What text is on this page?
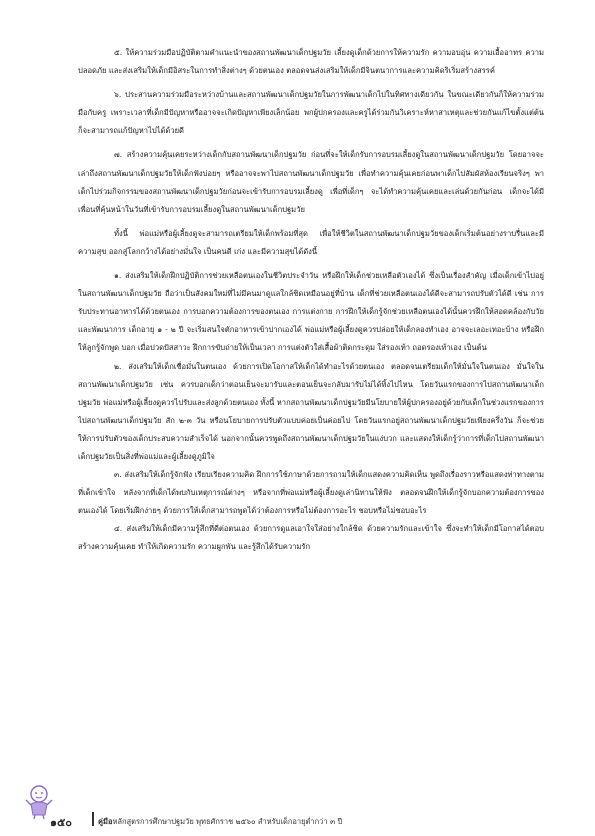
๕. ให้ความร่วมมือปฏิบัติตามคำแนะนำของสถานพัฒนาเด็กปฐมวัย เลี้ยงดูเด็กด้วยการให้ความรัก ความอบอุ่น ความเอื้ออาทร ความปลอดภัย และส่งเสริมให้เด็กมีอิสระในการทำสิ่งต่างๆ ด้วยตนเอง ตลอดจนส่งเสริมให้เด็กมีจินตนาการและความคิดริเริ่มสร้างสรรค์

๖. ประสานความร่วมมือระหว่างบ้านและสถานพัฒนาเด็กปฐมวัยในการพัฒนาเด็กไปในทิศทางเดียวกัน ในขณะเดียวกันก็ให้ความร่วมมือกับครู เพราะเวลาที่เด็กมีปัญหาหรืออาจจะเกิดปัญหาเพียงเล็กน้อย พกผู้ปกครองและครูได้ร่วมกันวิเคราะห์หาสาเหตุและช่วยกันแก้ไขตั้งแต่ต้น ก็จะสามารถแก้ปัญหาไปได้ด้วยดี

๗. สร้างความคุ้นเคยระหว่างเด็กกับสถานพัฒนาเด็กปฐมวัย ก่อนที่จะให้เด็กรับการอบรมเลี้ยงดูในสถานพัฒนาเด็กปฐมวัย โดยอาจจะเล่าถึงสถานพัฒนาเด็กปฐมวัยให้เด็กฟังบ่อยๆ หรืออาจจะพาไปสถานพัฒนาเด็กปฐมวัย เพื่อทำความคุ้นเคยก่อนพาเด็กไปสัมผัสห้องเรียนจริงๆ พาเด็กไปร่วมกิจกรรมของสถานพัฒนาเด็กปฐมวัยก่อนจะเข้ารับการอบรมเลี้ยงดู เพื่อที่เด็กๆ จะได้ทำความคุ้นเคยและเล่นด้วยกันก่อน เด็กจะได้มีเพื่อนที่คุ้นหน้าในวันที่เข้ารับการอบรมเลี้ยงดูในสถานพัฒนาเด็กปฐมวัย

ทั้งนี้ พ่อแม่หรือผู้เลี้ยงดูจะสามารถเตรียมให้เด็กพร้อมที่สุด เพื่อให้ชีวิตในสถานพัฒนาเด็กปฐมวัยของเด็กเริ่มต้นอย่างราบรื่นและมีความสุข ออกสู่โลกกว้างได้อย่างมั่นใจ เป็นคนดี เก่ง และมีความสุขได้ดังนี้

๑. ส่งเสริมให้เด็กฝึกปฏิบัติการช่วยเหลือตนเองในชีวิตประจำวัน หรือฝึกให้เด็กช่วยเหลือตัวเองได้ ซึ่งเป็นเรื่องสำคัญ เมื่อเด็กเข้าไปอยู่ในสถานพัฒนาเด็กปฐมวัย ถือว่าเป็นสังคมใหม่ที่ไม่มีคนมาดูแลใกล้ชิดเหมือนอยู่ที่บ้าน เด็กที่ช่วยเหลือตนเองได้ดีจะสามารถปรับตัวได้ดี เช่น การรับประทานอาหารได้ด้วยตนเอง การบอกความต้องการของตนเอง การแต่งกาย การฝึกให้เด็กรู้จักช่วยเหลือตนเองได้นั้นควรฝึกให้สอดคล้องกับวัยและพัฒนาการ เด็กอายุ ๑ - ๒ ปี จะเริ่มสนใจตักอาหารเข้าปากเองได้ พ่อแม่หรือผู้เลี้ยงดูควรปล่อยให้เด็กลองทำเอง อาจจะเลอะเทอะบ้าง หรือฝึกให้ลูกรู้จักพูด บอก เมื่อปวดปัสสาวะ ฝึกการขับถ่ายให้เป็นเวลา การแต่งตัวใส่เสื้อผ้าติดกระดุม ใส่รองเท้า ถอดรองเท้าเอง เป็นต้น

๒. ส่งเสริมให้เด็กเชื่อมั่นในตนเอง ด้วยการเปิดโอกาสให้เด็กได้ทำอะไรด้วยตนเอง ตลอดจนเตรียมเด็กให้มั่นใจในตนเอง มั่นใจในสถานพัฒนาเด็กปฐมวัย เช่น ควรบอกเด็กว่าตอนเย็นจะมารับและตอนเย็นจะกลับมารับไม่ได้ทิ้งไปไหน โดยวันแรกของการไปสถานพัฒนาเด็กปฐมวัย พ่อแม่หรือผู้เลี้ยงดูควรไปรับและส่งลูกด้วยตนเอง ทั้งนี้ หากสถานพัฒนาเด็กปฐมวัยมีนโยบายให้ผู้ปกครองอยู่ด้วยกับเด็กในช่วงแรกของการไปสถานพัฒนาเด็กปฐมวัย สัก ๒-๓ วัน หรือนโยบายการปรับตัวแบบค่อยเป็นค่อยไป โดยวันแรกอยู่สถานพัฒนาเด็กปฐมวัยเพียงครึ่งวัน ก็จะช่วยให้การปรับตัวของเด็กประสบความสำเร็จได้ นอกจากนั้นควรพูดถึงสถานพัฒนาเด็กปฐมวัยในแง่บวก และแสดงให้เด็กรู้ว่าการที่เด็กไปสถานพัฒนาเด็กปฐมวัยเป็นสิ่งที่พ่อแม่และผู้เลี้ยงดูภูมิใจ

๓. ส่งเสริมให้เด็กรู้จักฟัง เรียบเรียงความคิด ฝึกการใช้ภาษาด้วยการถามให้เด็กแสดงความคิดเห็น พูดถึงเรื่องราวหรือแสดงท่าทางตามที่เด็กเข้าใจ หลังจากที่เด็กได้พบกับเหตุการณ์ต่างๆ หรือจากที่พ่อแม่หรือผู้เลี้ยงดูเล่านิทานให้ฟัง ตลอดจนฝึกให้เด็กรู้จักบอกความต้องการของตนเองได้ โดยเริ่มฝึกง่ายๆ ด้วยการให้เด็กสามารถพูดได้ว่าต้องการหรือไม่ต้องการอะไร ชอบหรือไม่ชอบอะไร

๔. ส่งเสริมให้เด็กมีความรู้สึกที่ดีต่อตนเอง ด้วยการดูแลเอาใจใส่อย่างใกล้ชิด ด้วยความรักและเข้าใจ ซึ่งจะทำให้เด็กมีโอกาสได้ตอบ สร้างความคุ้นเคย ทำให้เกิดความรัก ความผูกพัน และรู้สึกได้รับความรัก

๑๕๐	คู่มือหลักสูตรการศึกษาปฐมวัย พุทธศักราช ๒๕๖๐ สำหรับเด็กอายุต่ำกว่า ๓ ปี
